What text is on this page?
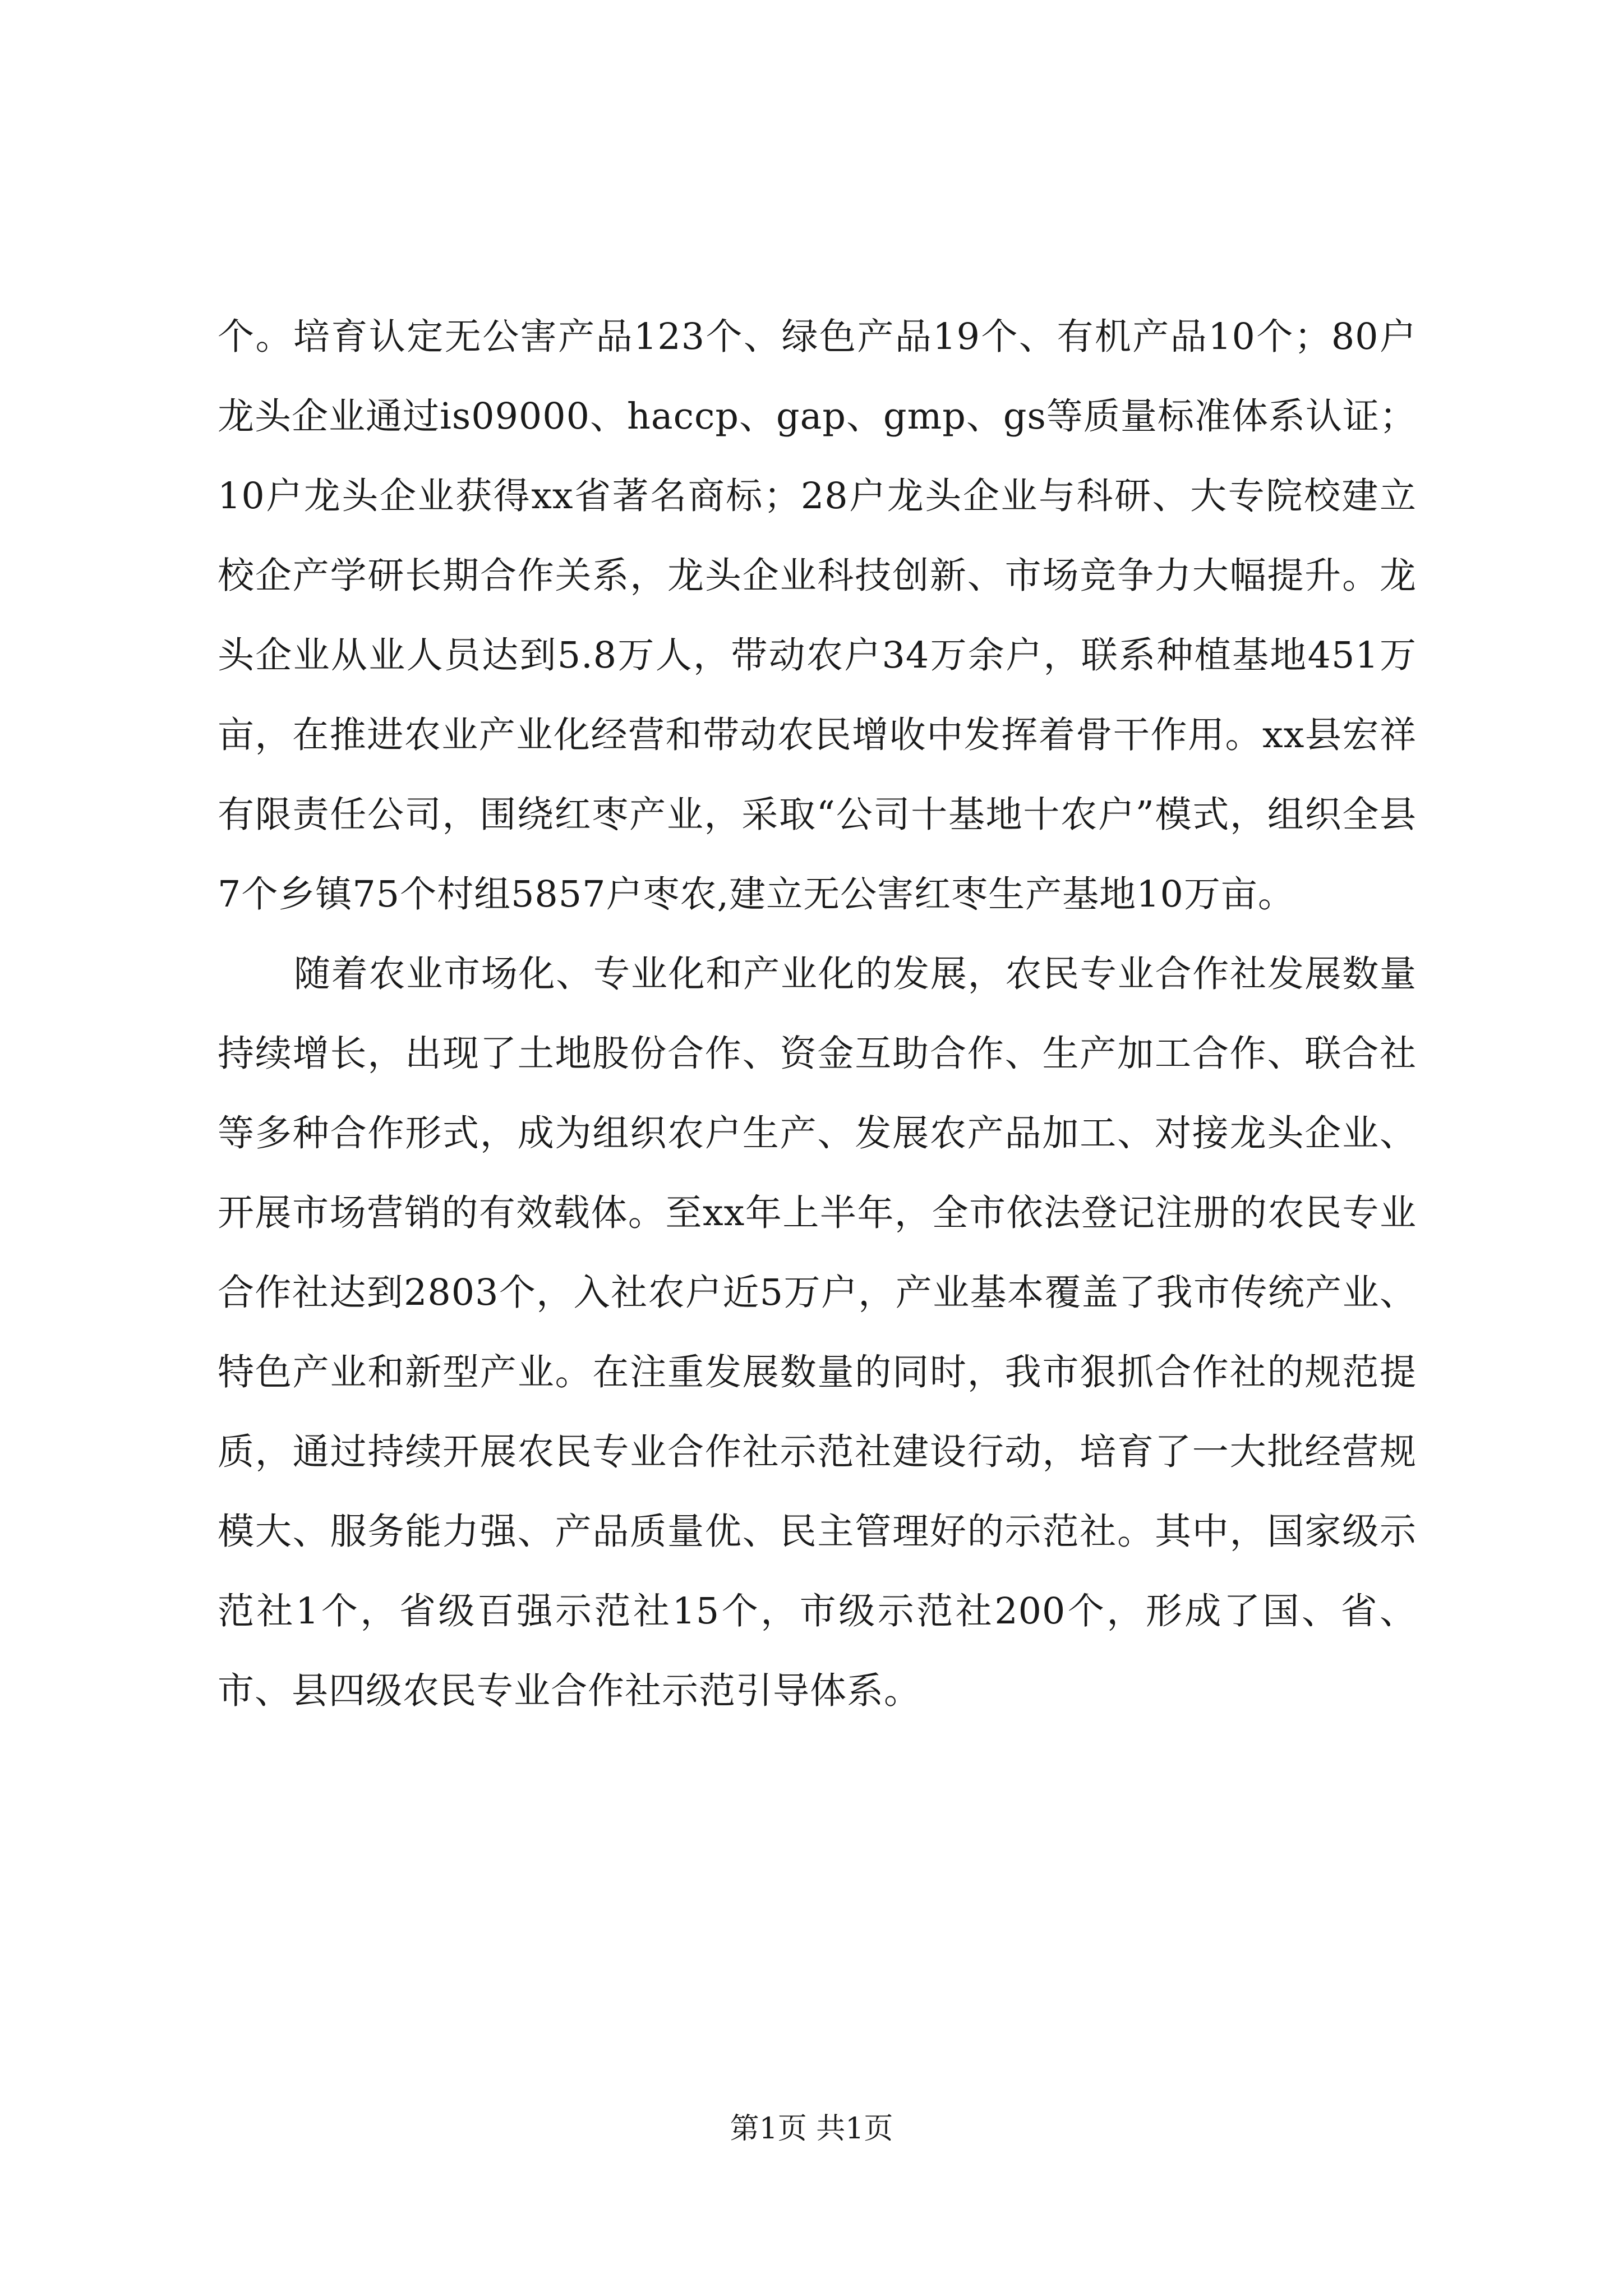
个。培育认定无公害产品123个、绿色产品19个、有机产品10个；80户龙头企业通过is09000、haccp、gap、gmp、gs等质量标准体系认证；10户龙头企业获得xx省著名商标；28户龙头企业与科研、大专院校建立校企产学研长期合作关系，龙头企业科技创新、市场竞争力大幅提升。龙头企业从业人员达到5.8万人，带动农户34万余户，联系种植基地451万亩，在推进农业产业化经营和带动农民增收中发挥着骨干作用。xx县宏祥有限责任公司，围绕红枣产业，采取“公司十基地十农户”模式，组织全县7个乡镇75个村组5857户枣农,建立无公害红枣生产基地10万亩。

随着农业市场化、专业化和产业化的发展，农民专业合作社发展数量持续增长，出现了土地股份合作、资金互助合作、生产加工合作、联合社等多种合作形式，成为组织农户生产、发展农产品加工、对接龙头企业、开展市场营销的有效载体。至xx年上半年，全市依法登记注册的农民专业合作社达到2803个，入社农户近5万户，产业基本覆盖了我市传统产业、特色产业和新型产业。在注重发展数量的同时，我市狠抓合作社的规范提质，通过持续开展农民专业合作社示范社建设行动，培育了一大批经营规模大、服务能力强、产品质量优、民主管理好的示范社。其中，国家级示范社1个，省级百强示范社15个，市级示范社200个，形成了国、省、市、县四级农民专业合作社示范引导体系。

第1页 共1页
